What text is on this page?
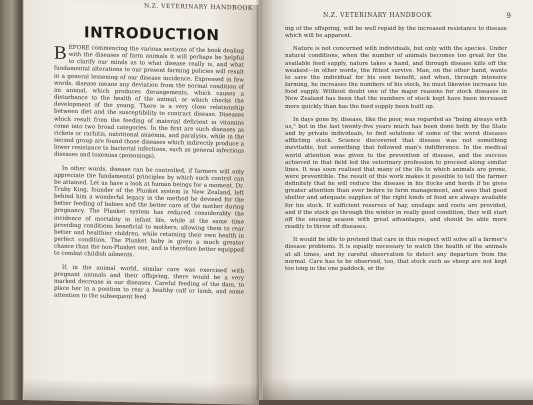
N.Z. VETERINARY HANDBOOK
INTRODUCTION

BEFORE commencing the various sections of the book dealing with the diseases of farm animals it will perhaps be helpful to clarify our minds as to what disease really is, and what fundamental alterations to our present farming policies will result in a general lessening of our disease incidence. Expressed in few words, disease means any deviation from the normal condition of an animal, which produces derangements, which causes a disturbance to the health of the animal, or which checks the development of the young. There is a very close relationship between diet and the susceptibility to contract disease. Diseases which result from the feeding of material deficient in vitamins come into two broad categories. In the first are such diseases as rickets or rachitis, nutritional anaemia, and paralysis, while in the second group are found those diseases which indirectly produce a lower resistance to bacterial infections, such as general infectious diseases and toxemias (poisonings).

In other words, disease can be controlled, if farmers will only appreciate the fundamental principles by which such control can be attained. Let us have a look at human beings for a moment. Dr. Truby King, founder of the Plunket system in New Zealand, left behind him a wonderful legacy in the method he devised for the better feeding of babies and the better care of the mother during pregnancy. The Plunket system has reduced considerably the incidence of mortality in infant life, while at the same time providing conditions beneficial to mothers, allowing them to rear better and healthier children, while retaining their own health in perfect condition. The Plunket baby is given a much greater chance than the non-Plunket one, and is therefore better equipped to combat childish ailments.

If, in the animal world, similar care was exercised with pregnant animals and their offspring, there would be a very marked decrease in our diseases. Careful feeding of the dam, to place her in a position to rear a healthy calf or lamb, and some attention to the subsequent feed

N.Z. VETERINARY HANDBOOK	9

ing of the offspring, will be well repaid by the increased resistance to disease which will be apparent.

Nature is not concerned with individuals, but only with the species. Under natural conditions, when the number of animals becomes too great for the available feed supply, nature takes a hand, and through disease kills off the weakest—in other words, the fittest survive. Man, on the other hand, wants to save the individual for his own benefit, and when, through intensive farming, he increases the numbers of his stock, he must likewise increase his food supply. Without doubt one of the major reasons for stock diseases in New Zealand has been that the numbers of stock kept have been increased more quickly than has the feed supply been built up.

In days gone by, disease, like the poor, was regarded as "being always with us," but in the last twenty-five years much has been done both by the State and by private individuals, to find solutions of some of the worst diseases afflicting stock. Science discovered that disease was not something inevitable, but something that followed man's indifference. In the medical world attention was given to the prevention of disease, and the success achieved in that field led the veterinary profession to proceed along similar lines. It was soon realised that many of the ills to which animals are prone, were preventible. The result of this work makes it possible to tell the farmer definitely that he will reduce the disease in his flocks and herds if he gives greater attention than ever before to farm management, and sees that good shelter and adequate supplies of the right kinds of food are always available for his stock. If sufficient reserves of hay, ensilage and roots are provided, and if the stock go through the winter in really good condition, they will start off the ensuing season with great advantages, and should be able more readily to throw off diseases.

It would be idle to pretend that care in this respect will solve all a farmer's disease problems. It is equally necessary to watch the health of the animals at all times, and by careful observation to detect any departure from the normal. Care has to be observed, too, that stock such as sheep are not kept too long in the one paddock, or the
